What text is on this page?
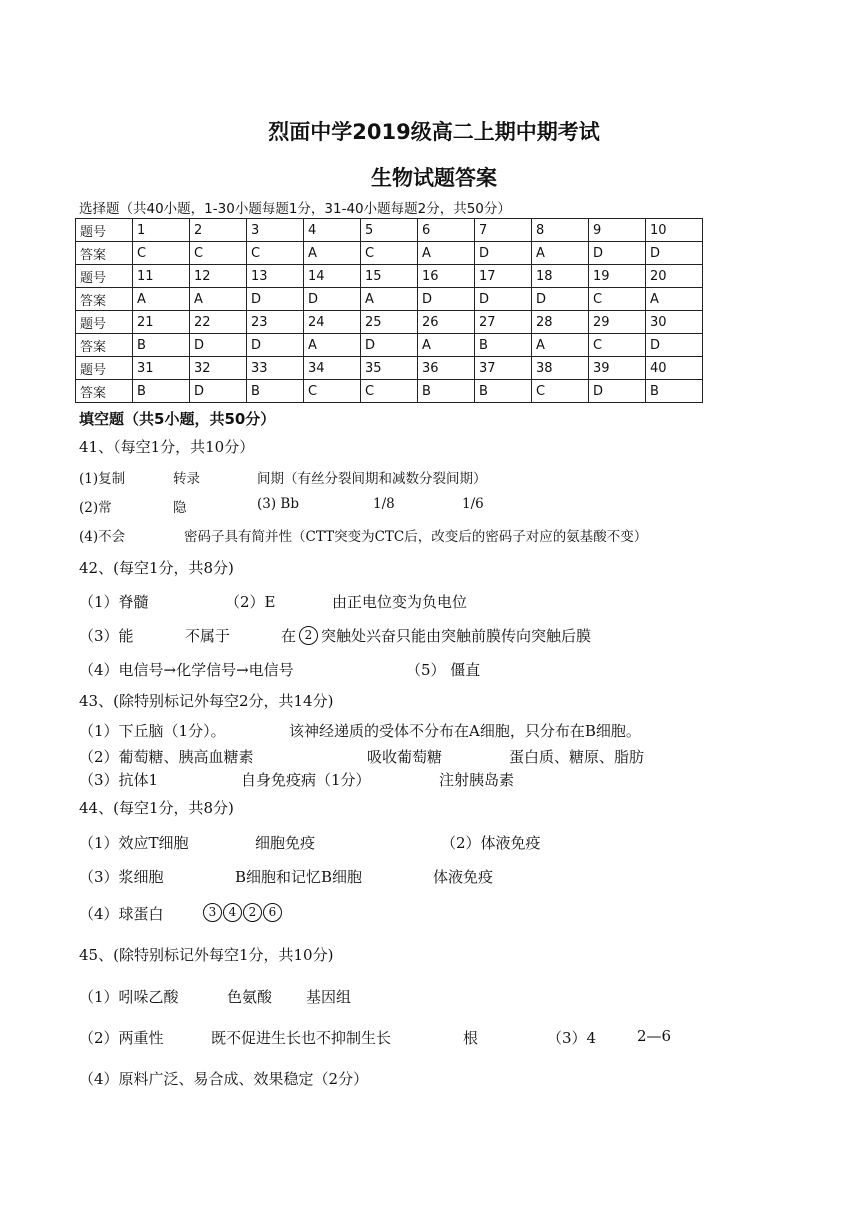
烈面中学2019级高二上期中期考试
生物试题答案
选择题（共40小题，1-30小题每题1分，31-40小题每题2分，共50分）
题号	1	2	3	4	5	6	7	8	9	10
答案	C	C	C	A	C	A	D	A	D	D
题号	11	12	13	14	15	16	17	18	19	20
答案	A	A	D	D	A	D	D	D	C	A
题号	21	22	23	24	25	26	27	28	29	30
答案	B	D	D	A	D	A	B	A	C	D
题号	31	32	33	34	35	36	37	38	39	40
答案	B	D	B	C	C	B	B	C	D	B
填空题（共5小题，共50分）
41、（每空1分，共10分）
(1)复制	转录	间期（有丝分裂间期和减数分裂间期）
(2)常	隐	(3) Bb	1/8	1/6
(4)不会	密码子具有简并性（CTT突变为CTC后，改变后的密码子对应的氨基酸不变）
42、(每空1分，共8分)
（1）脊髓	（2）E	由正电位变为负电位
（3）能	不属于	在 2 突触处兴奋只能由突触前膜传向突触后膜
（4）电信号→化学信号→电信号	（5） 僵直
43、(除特别标记外每空2分，共14分)
（1）下丘脑（1分）。	该神经递质的受体不分布在A细胞，只分布在B细胞。
（2）葡萄糖、胰高血糖素	吸收葡萄糖	蛋白质、糖原、脂肪
（3）抗体1	自身免疫病（1分）	注射胰岛素
44、(每空1分，共8分)
（1）效应T细胞	细胞免疫	（2）体液免疫
（3）浆细胞	B细胞和记忆B细胞	体液免疫
（4）球蛋白	3 4 2 6
45、(除特别标记外每空1分，共10分)
（1）吲哚乙酸	色氨酸 基因组
（2）两重性	既不促进生长也不抑制生长	根	（3）4	2—6
（4）原料广泛、易合成、效果稳定（2分）
